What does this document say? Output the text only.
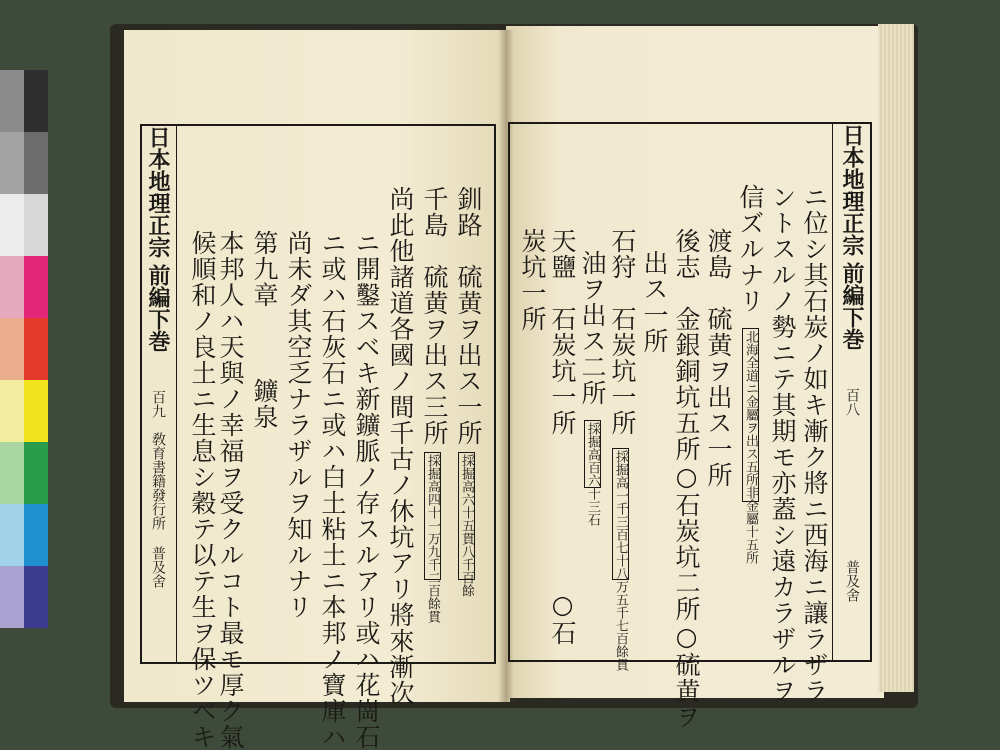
日本地理正宗
前編下巻
百九
敎育書籍發行所 普及舍
釧路　硫黄ヲ出ス一所
採掘高六十五貫八千百餘
千島　硫黄ヲ出ス三所
採掘高四十一万九千二百餘貫
尚此他諸道各國ノ間千古ノ休坑アリ將來漸次
ニ開鑿スベキ新鑛脈ノ存スルアリ或ハ花崗石
ニ或ハ石灰石ニ或ハ白土粘土ニ本邦ノ寶庫ハ
尚未ダ其空乏ナラザルヲ知ルナリ
第九章
鑛泉
本邦人ハ天與ノ幸福ヲ受クルコト最モ厚ク氣
候順和ノ良土ニ生息シ穀テ以テ生ヲ保ツベキ
日本地理正宗
前編下巻
百八
普及舍
ニ位シ其石炭ノ如キ漸ク將ニ西海ニ讓ラザラ
ントスルノ勢ニテ其期モ亦蓋シ遠カラザルヲ
信ズルナリ
北海全道ニ金屬ヲ出ス五所非金屬十五所
渡島　硫黄ヲ出ス一所
後志　金銀銅坑五所○石炭坑二所○硫黄ヲ
出ス一所
石狩　石炭坑一所
採掘高一千三百七十八万五千七百餘貫
油ヲ出ス二所
採掘高百六十三石
天鹽　石炭坑一所
炭坑一所
○石
